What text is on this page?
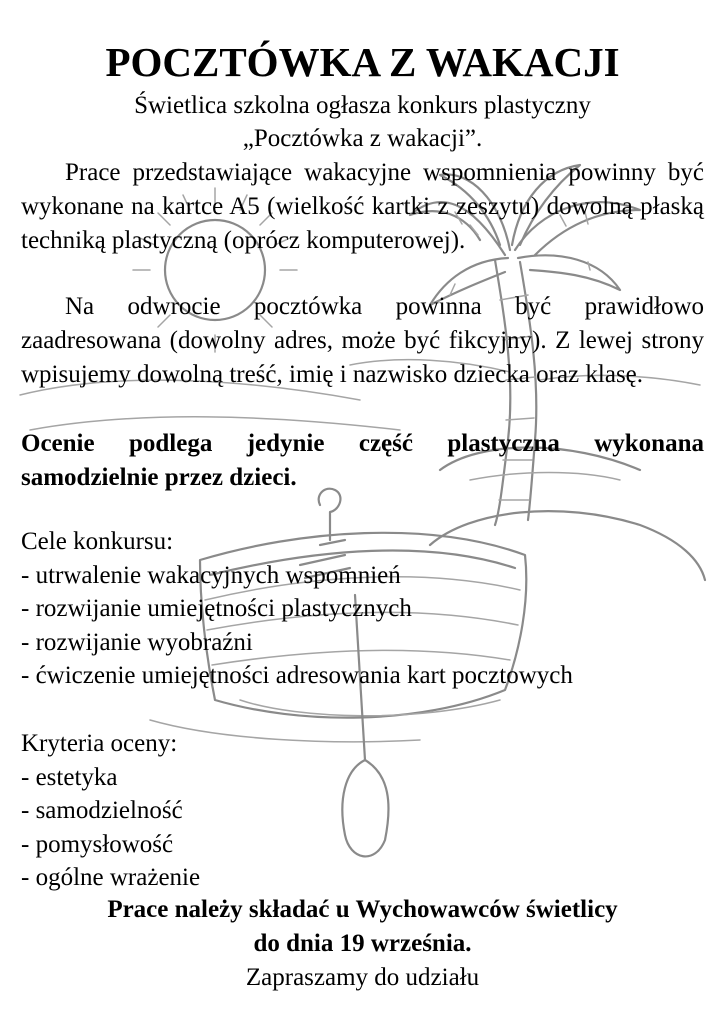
POCZTÓWKA Z WAKACJI

Świetlica szkolna ogłasza konkurs plastyczny

„Pocztówka z wakacji”.

Prace przedstawiające wakacyjne wspomnienia powinny być wykonane na kartce A5 (wielkość kartki z zeszytu) dowolną płaską techniką plastyczną (oprócz komputerowej).

Na odwrocie pocztówka powinna być prawidłowo zaadresowana (dowolny adres, może być fikcyjny). Z lewej strony wpisujemy dowolną treść, imię i nazwisko dziecka oraz klasę.

Ocenie podlega jedynie część plastyczna wykonana samodzielnie przez dzieci.

Cele konkursu:
- utrwalenie wakacyjnych wspomnień
- rozwijanie umiejętności plastycznych
- rozwijanie wyobraźni
- ćwiczenie umiejętności adresowania kart pocztowych
Kryteria oceny:
- estetyka
- samodzielność
- pomysłowość
- ogólne wrażenie

Prace należy składać u Wychowawców świetlicy

do dnia 19 września.

Zapraszamy do udziału
